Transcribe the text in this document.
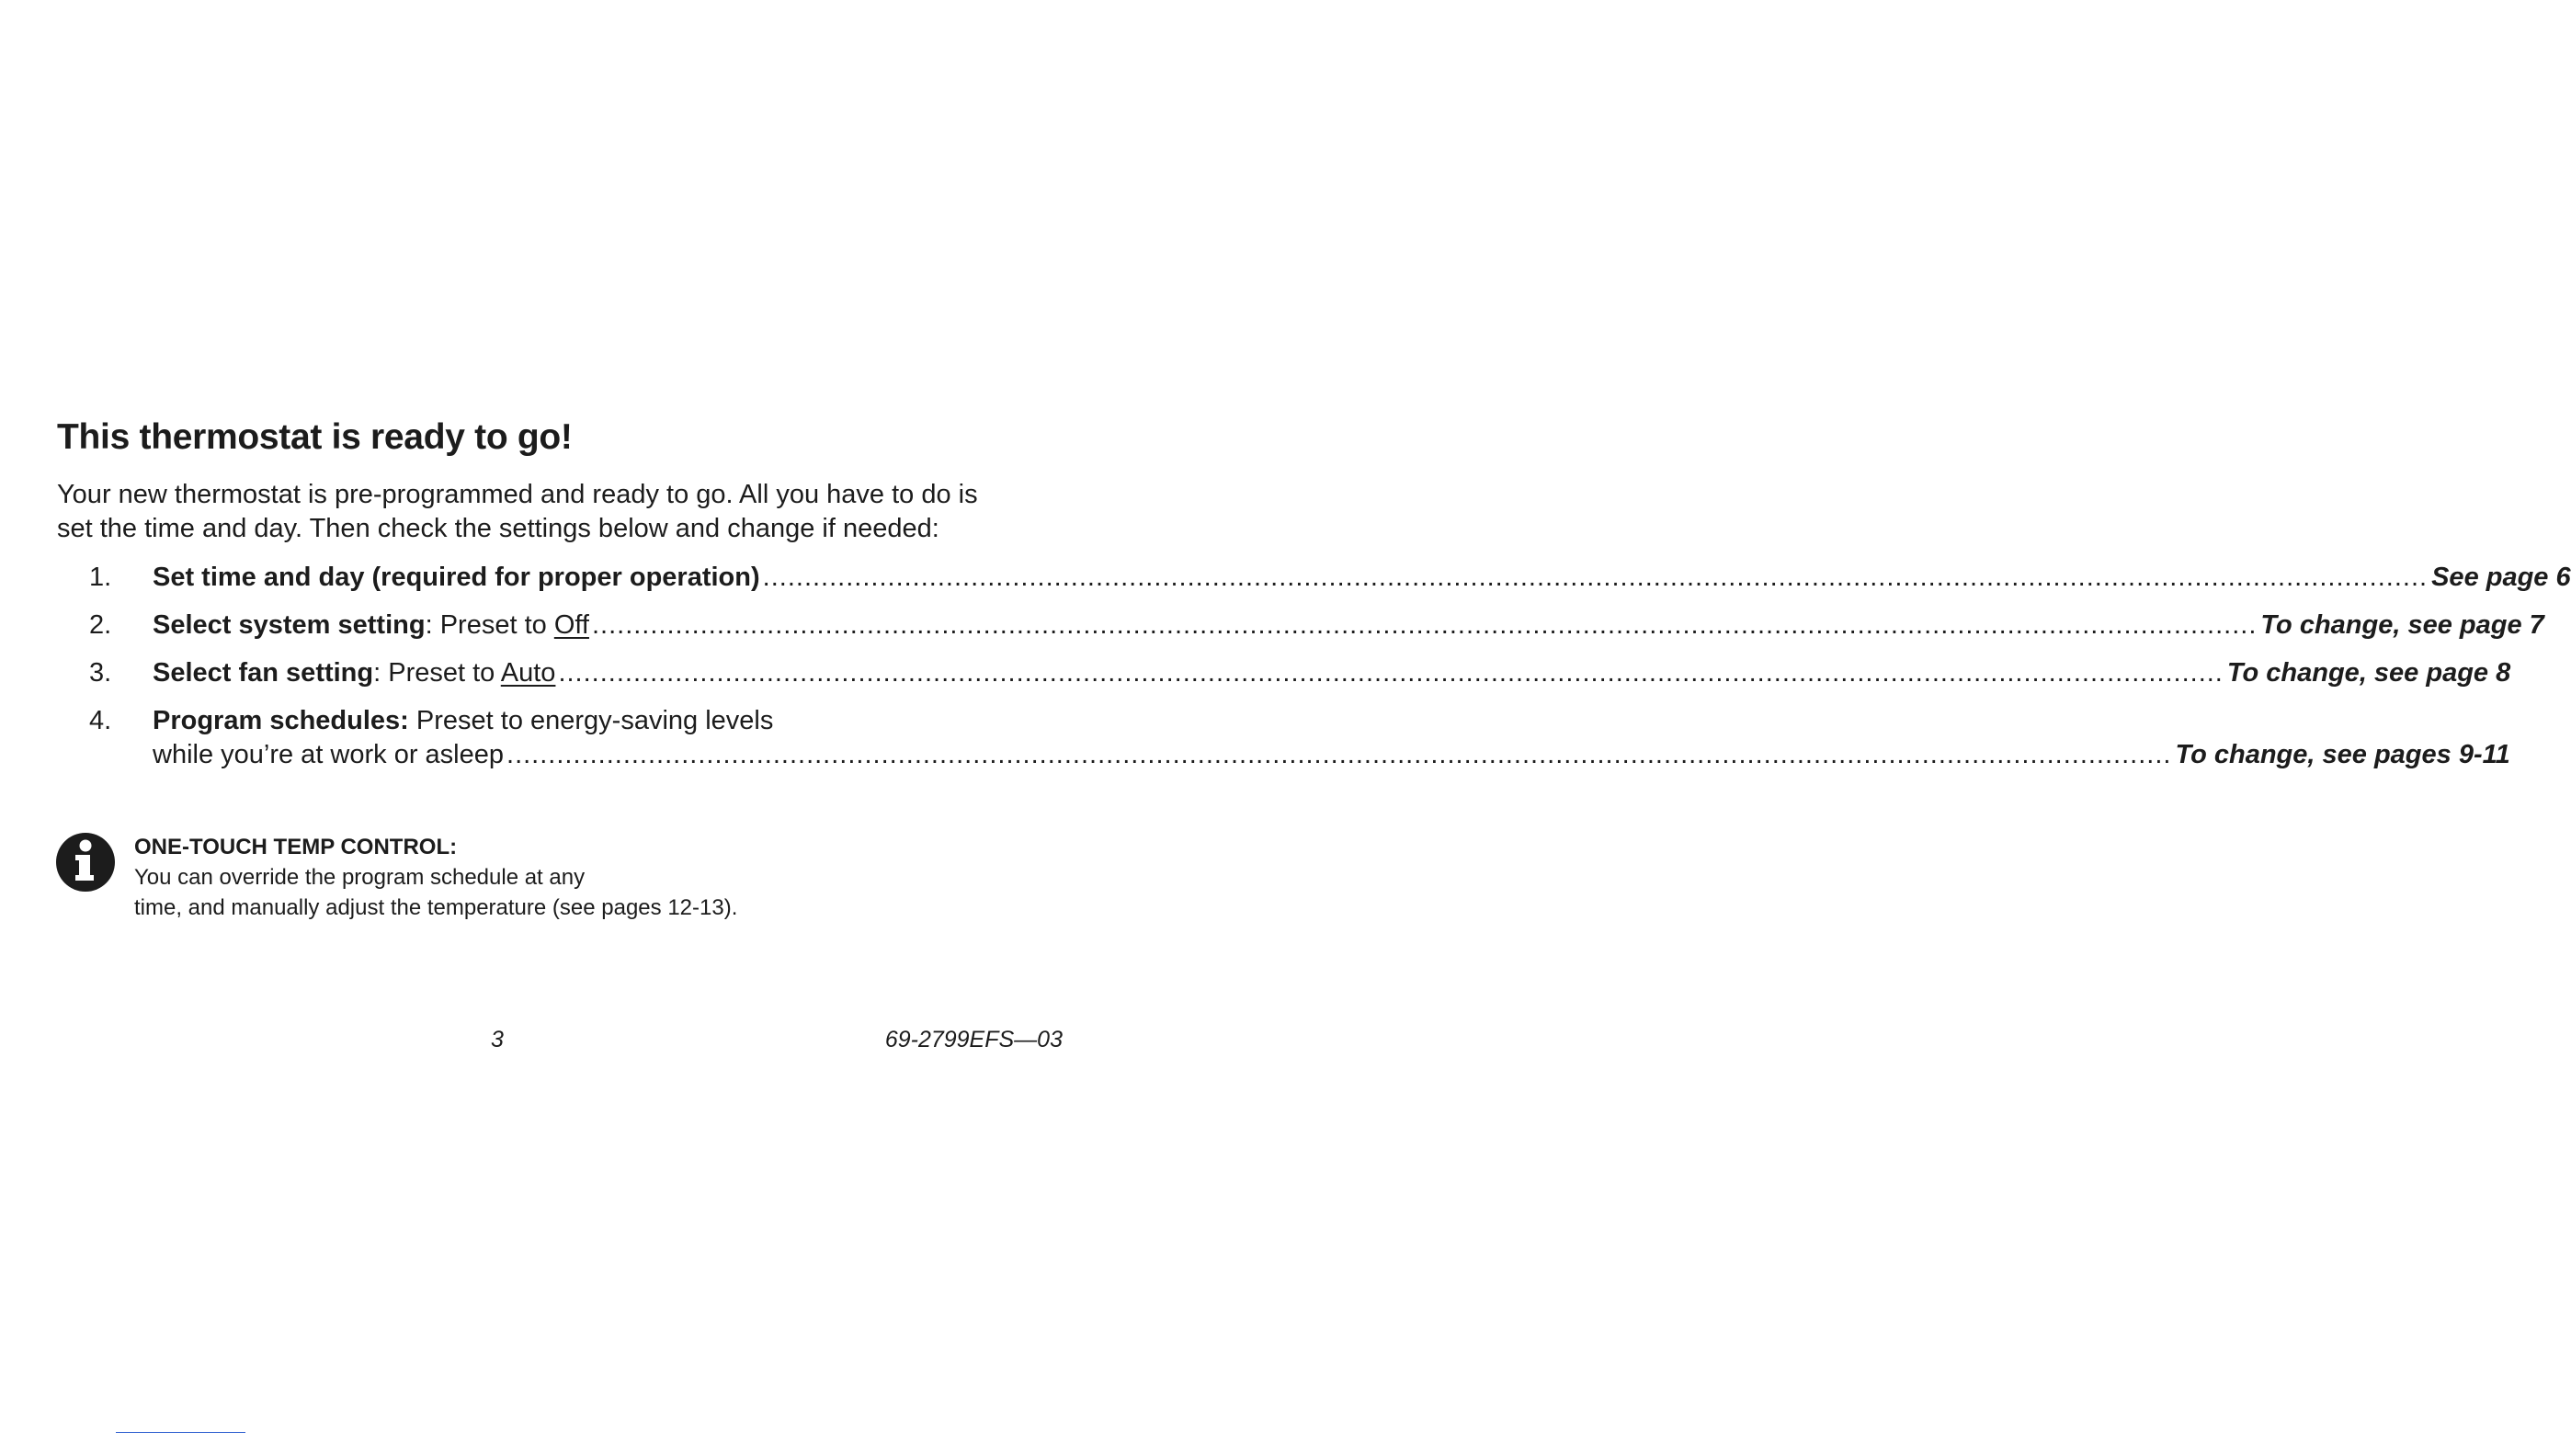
This thermostat is ready to go!

Your new thermostat is pre-programmed and ready to go. All you have to do is
set the time and day. Then check the settings below and change if needed:

1. Set time and day (required for proper operation) ........................................................................................................................................................................................................ See page 6
2. Select system setting: Preset to Off ........................................................................................................................................................................................................ To change, see page 7
3. Select fan setting: Preset to Auto ........................................................................................................................................................................................................ To change, see page 8
4. Program schedules: Preset to energy-saving levels
while you’re at work or asleep ........................................................................................................................................................................................................ To change, see pages 9-11

ONE-TOUCH TEMP CONTROL:
You can override the program schedule at any
time, and manually adjust the temperature (see pages 12-13).

3	69-2799EFS—03
